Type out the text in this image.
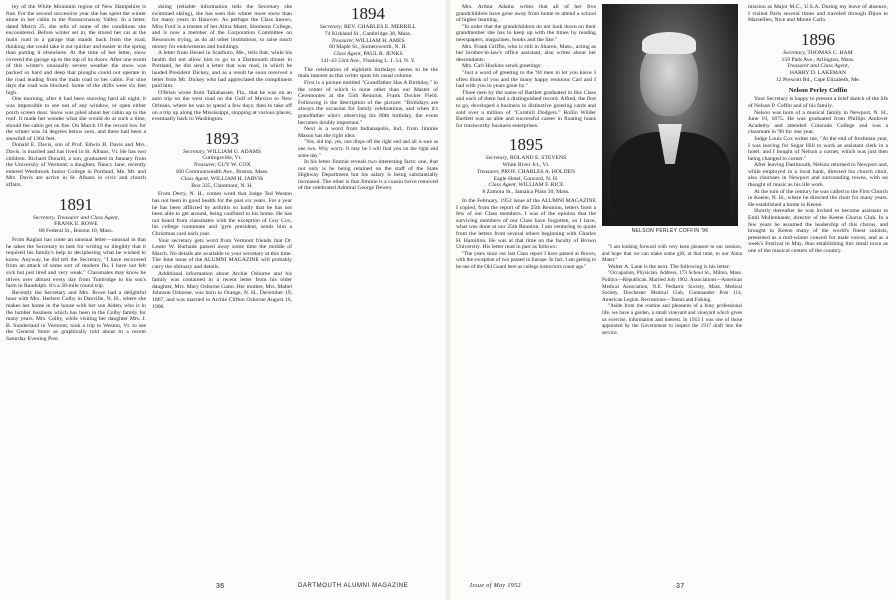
ley of the White Mountain region of New Hampshire is fine. For the second successive year she has spent the winter alone in her cabin in the Passaconaway Valley. In a letter, dated March 25, she tells of some of the conditions she encountered. Before winter set in, the stored her car at the main road in a garage that stands back from the road, thinking she could take it out quicker and easier in the spring than putting it elsewhere. At the time of her letter, snow covered the garage up to the top of its doors. After one storm of this winter's unusually severe weather the snow was packed so hard and deep that ploughs could not operate in the road leading from the main road to her cabin. For nine days the road was blocked. Some of the drifts were six feet high.

One morning, after it had been snowing hard all night, it was impossible to see out of any window, or open either porch screen door. Snow was piled about her cabin up to the roof. It made her wonder what she would do at such a time, should the cabin get on fire. On March 19 the record low for the winter was 34 degrees below zero, and there had been a snowfall of 1364 feet.

Donald E. Davis, son of Prof. Edwin B. Davis and Mrs. Davis, is married and has lived in St. Albans, Vt. He has two children. Richard Donald, a son, graduated in January from the University of Vermont; a daughter, Nancy Jane, recently entered Westbrook Junior College in Portland, Me. Mr. and Mrs. Davis are active in St. Albans in civic and church affairs.

1891
Secretary, Treasurer and Class Agent,
FRANK E. ROWE
80 Federal St., Boston 10, Mass.

From Raglan has come an unusual letter—unusual in that he takes the Secretary to task for writing so illegibly that it required his family's help in deciphering what he wished to know. Anyway, he did tell the Secretary, "I have recovered from an attack of some sort of modern flu. I have not felt sick but just tired and very weak." Classmates may know he drives over almost every day from Tunbridge to his son's farm in Randolph. It's a 30-mile round trip.

Recently the Secretary and Mrs. Rowe had a delightful hour with Mrs. Herbert Colby in Danville, N. H., where she makes her home in the house with her son Alden, who is in the lumber business which has been in the Colby family for many years. Mrs. Colby, while visiting her daughter Mrs. J. B. Sunderland in Vermont, took a trip to Weston, Vt. to see the General Store as graphically told about in a recent Saturday Evening Post.

skiing (reliable information tells the Secretary she swimmed skiing), she has seen this winter more snow than for many years in Hanover. As perhaps the Class knows, Miss Ford is a trustee of her Alma Mater, Simmons College, and is now a member of the Corporation Committee on Resources trying, as do all other institutions, to raise much money for endowments and buildings.

A letter from Hestel in Scarboro, Me., tells that, while his health did not allow him to go to a Dartmouth dinner in Portland, he did send a letter that was read, in which he lauded President Dickey, and as a result he soon received a letter from Mr. Dickey who had appreciated the compliment paid him.

O'Brien wrote from Tallahassee, Fla., that he was on an auto trip on the west road on the Gulf of Mexico to New Orleans, where he was to spend a few days; then to take off on a trip up along the Mississippi, stopping at various places, eventually back to Washington.

1893
Secretary, WILLIAM G. ADAMS
Cuttingsville, Vt.
Treasurer, GUY W. COX
160 Commonwealth Ave., Boston, Mass.
Class Agent, WILLIAM H. JARVIS
Box 335, Claremont, N. H.

From Derry, N. H., comes word that Judge Ted Weston has not been in good health for the past six years. For a year he has been afflicted by arthritis so badly that he has not been able to get around, being confined to his home. He has not heard from classmates with the exception of Guy Cox, his college roommate and 'gym president, sends him a Christmas card each year.

Your secretary gets word from Vermont friends that Dr. Lester W. Burbank passed away some time the middle of March. No details are available to your secretary at this time. The June issue of the ALUMNI MAGAZINE will probably carry the obituary and details.

Additional information about Archie Osborne and his family was contained in a recent letter from his older daughter, Mrs. Mary Osborne Gatto. Her mother, Mrs. Mabel Johnson Osborne, was born in Orange, N. H., December 19, 1867, and was married to Archie Clifton Osborne August 16, 1906.

1894
Secretary, REV. CHARLES E. MERRILL
74 Kirkland St., Cambridge 38, Mass.
Treasurer, WILLIAM H. AMES
60 Maple St., Somersworth, N. H.
Class Agent, PAUL R. JENKS
141-43 53rd Ave., Flushing L. I. 54, N. Y.

The celebration of eightieth birthdays seems to be the main interest as this writer spots his usual column.

First is a picture entitled "Grandfather Has A Birthday," in the center of which is none other than our Master of Ceremonies at the 55th Reunion, Frank Docker Field. Following is the description of the picture: "Birthdays are always the occasion for family celebrations, and when it's grandfather who's observing his 80th birthday, the event becomes doubly important."

Next is a word from Indianapolis, Ind., from Jimmie Mason has the right idea:

"Yes, old top, yes, one drops off the right end and all is sure as one two. Why worry. It may be I will find you on the right end some day."

In his letter Jimmie reveals two interesting facts: one, that not only is he being retained on the staff of the State Highway Department but his salary is being substantially increased. The other is that Jimmie is a cousin twice removed of the celebrated Admiral George Dewey.

Mrs. Arthur Adams writes that all of her five grandchildren have gone away from home to attend a school of higher learning.

"In order that the grandchildren do not look down on their grandmother she has to keep up with the times by reading newspapers, magazines, books and the like."

Mrs. Frank Griffin, who is still in Sharon, Mass., acting as her brother-in-law's office assistant, also writes about her descendants:

Mrs. Carl Hoskins sends greetings:

"Just a word of greeting to the '94 men to let you know I often think of you and the many happy reunions Carl and I had with you in years gone by."

Three men by the name of Bartlett graduated in this Class and each of them had a distinguished record. Alfred, the first to go, developed a business in distinctive greeting cards and sold over a million of "Cornhill Dodgers." Rollin Wilder Bartlett was an able and successful career in floating loans for trustworthy business enterprises.

1895
Secretary, ROLAND E. STEVENS
White River Jct., Vt.
Treasurer, PROF. CHARLES A. HOLDEN
Eagle Hotel, Concord, N. H.
Class Agent, WILLIAM F. RICE
8 Zamora St., Jamaica Plain 30, Mass.

In the February, 1952 issue of the ALUMNI MAGAZINE I copied, from the report of the 25th Reunion, letters from a few of our Class members. I was of the opinion that the surviving members of our Class have forgotten, so I have, what was done at our 25th Reunion. I am venturing to quote from the letters from several others beginning with Charles H. Hamilton. He was at that time on the faculty of Brown University. His letter read in part as follows:

"The years since our last Class report I have passed at Brown, with the exception of two passed in Europe. In fact, I am getting to be one of the Old Guard here as college instructors count age."

NELSON PERLEY COFFIN '96

"I am looking forward with very keen pleasure to our reunion, and hope that we can make some gift, at that time, to our Alma Mater."

Walter A. Lane is the next. The following is his letter:

"Occupation, Physician. Address, 173 School St., Milton, Mass. Politics—Republican. Married July 1902. Associations—American Medical Association, N.E. Pediatric Society, Mass. Medical Society, Dorchester Medical Club, Commander Post 114, American Legion. Recreations—Tennis and Fishing.

"Aside from the routine and pleasures of a busy professional life, we have a garden, a small vineyard and vineyard which gives us exercise, information and interest. In 1913 I was one of those appointed by the Government to inspect the 1917 draft into the service.

mission as Major M.C., U.S.A. During my leave of absence, I visited Paris several times and traveled through Dijon to Marseilles, Nice and Monte Carlo.

1896
Secretary, THOMAS C. HAM
159 Park Ave., Arlington, Mass.
Treasurer and Class Agent,
HARRY D. LAKEMAN
12 Prescott Rd., Cape Elizabeth, Me.
Nelson Perley Coffin

Your Secretary is happy to present a brief sketch of the life of Nelson P. Coffin and of his family.

Nelson was born of a musical family in Newport, N. H., June 10, 1875. He was graduated from Phillips Andover Academy and attended Colorado College and was a classmate in '96 for one year.

Judge Louis Cox writes me, "At the end of freshman year, I was leaving for Sugar Hill to work as assistant clerk in a hotel, and I bought of Nelson a cornet, which was just then being changed to cornet."

After leaving Dartmouth, Nelson returned to Newport and, while employed in a local bank, directed his church choir, also choruses in Newport and surrounding towns, with no thought of music as his life work.

At the turn of the century he was called to the First Church in Keene, N. H., where he directed the choir for many years. He established a home in Keene.

Shortly thereafter he was invited to become assistant to Emil Mollenhauer, director of the Keene Chorus Club. In a few years he assumed the leadership of this chorus, and brought to Keene many of the world's finest soloists, presented as a mid-winter concert for male voices, and as a week's Festival in May, thus establishing this small town as one of the musical centers of the country.

36	DARTMOUTH ALUMNI MAGAZINE	Issue of May 1952	37
